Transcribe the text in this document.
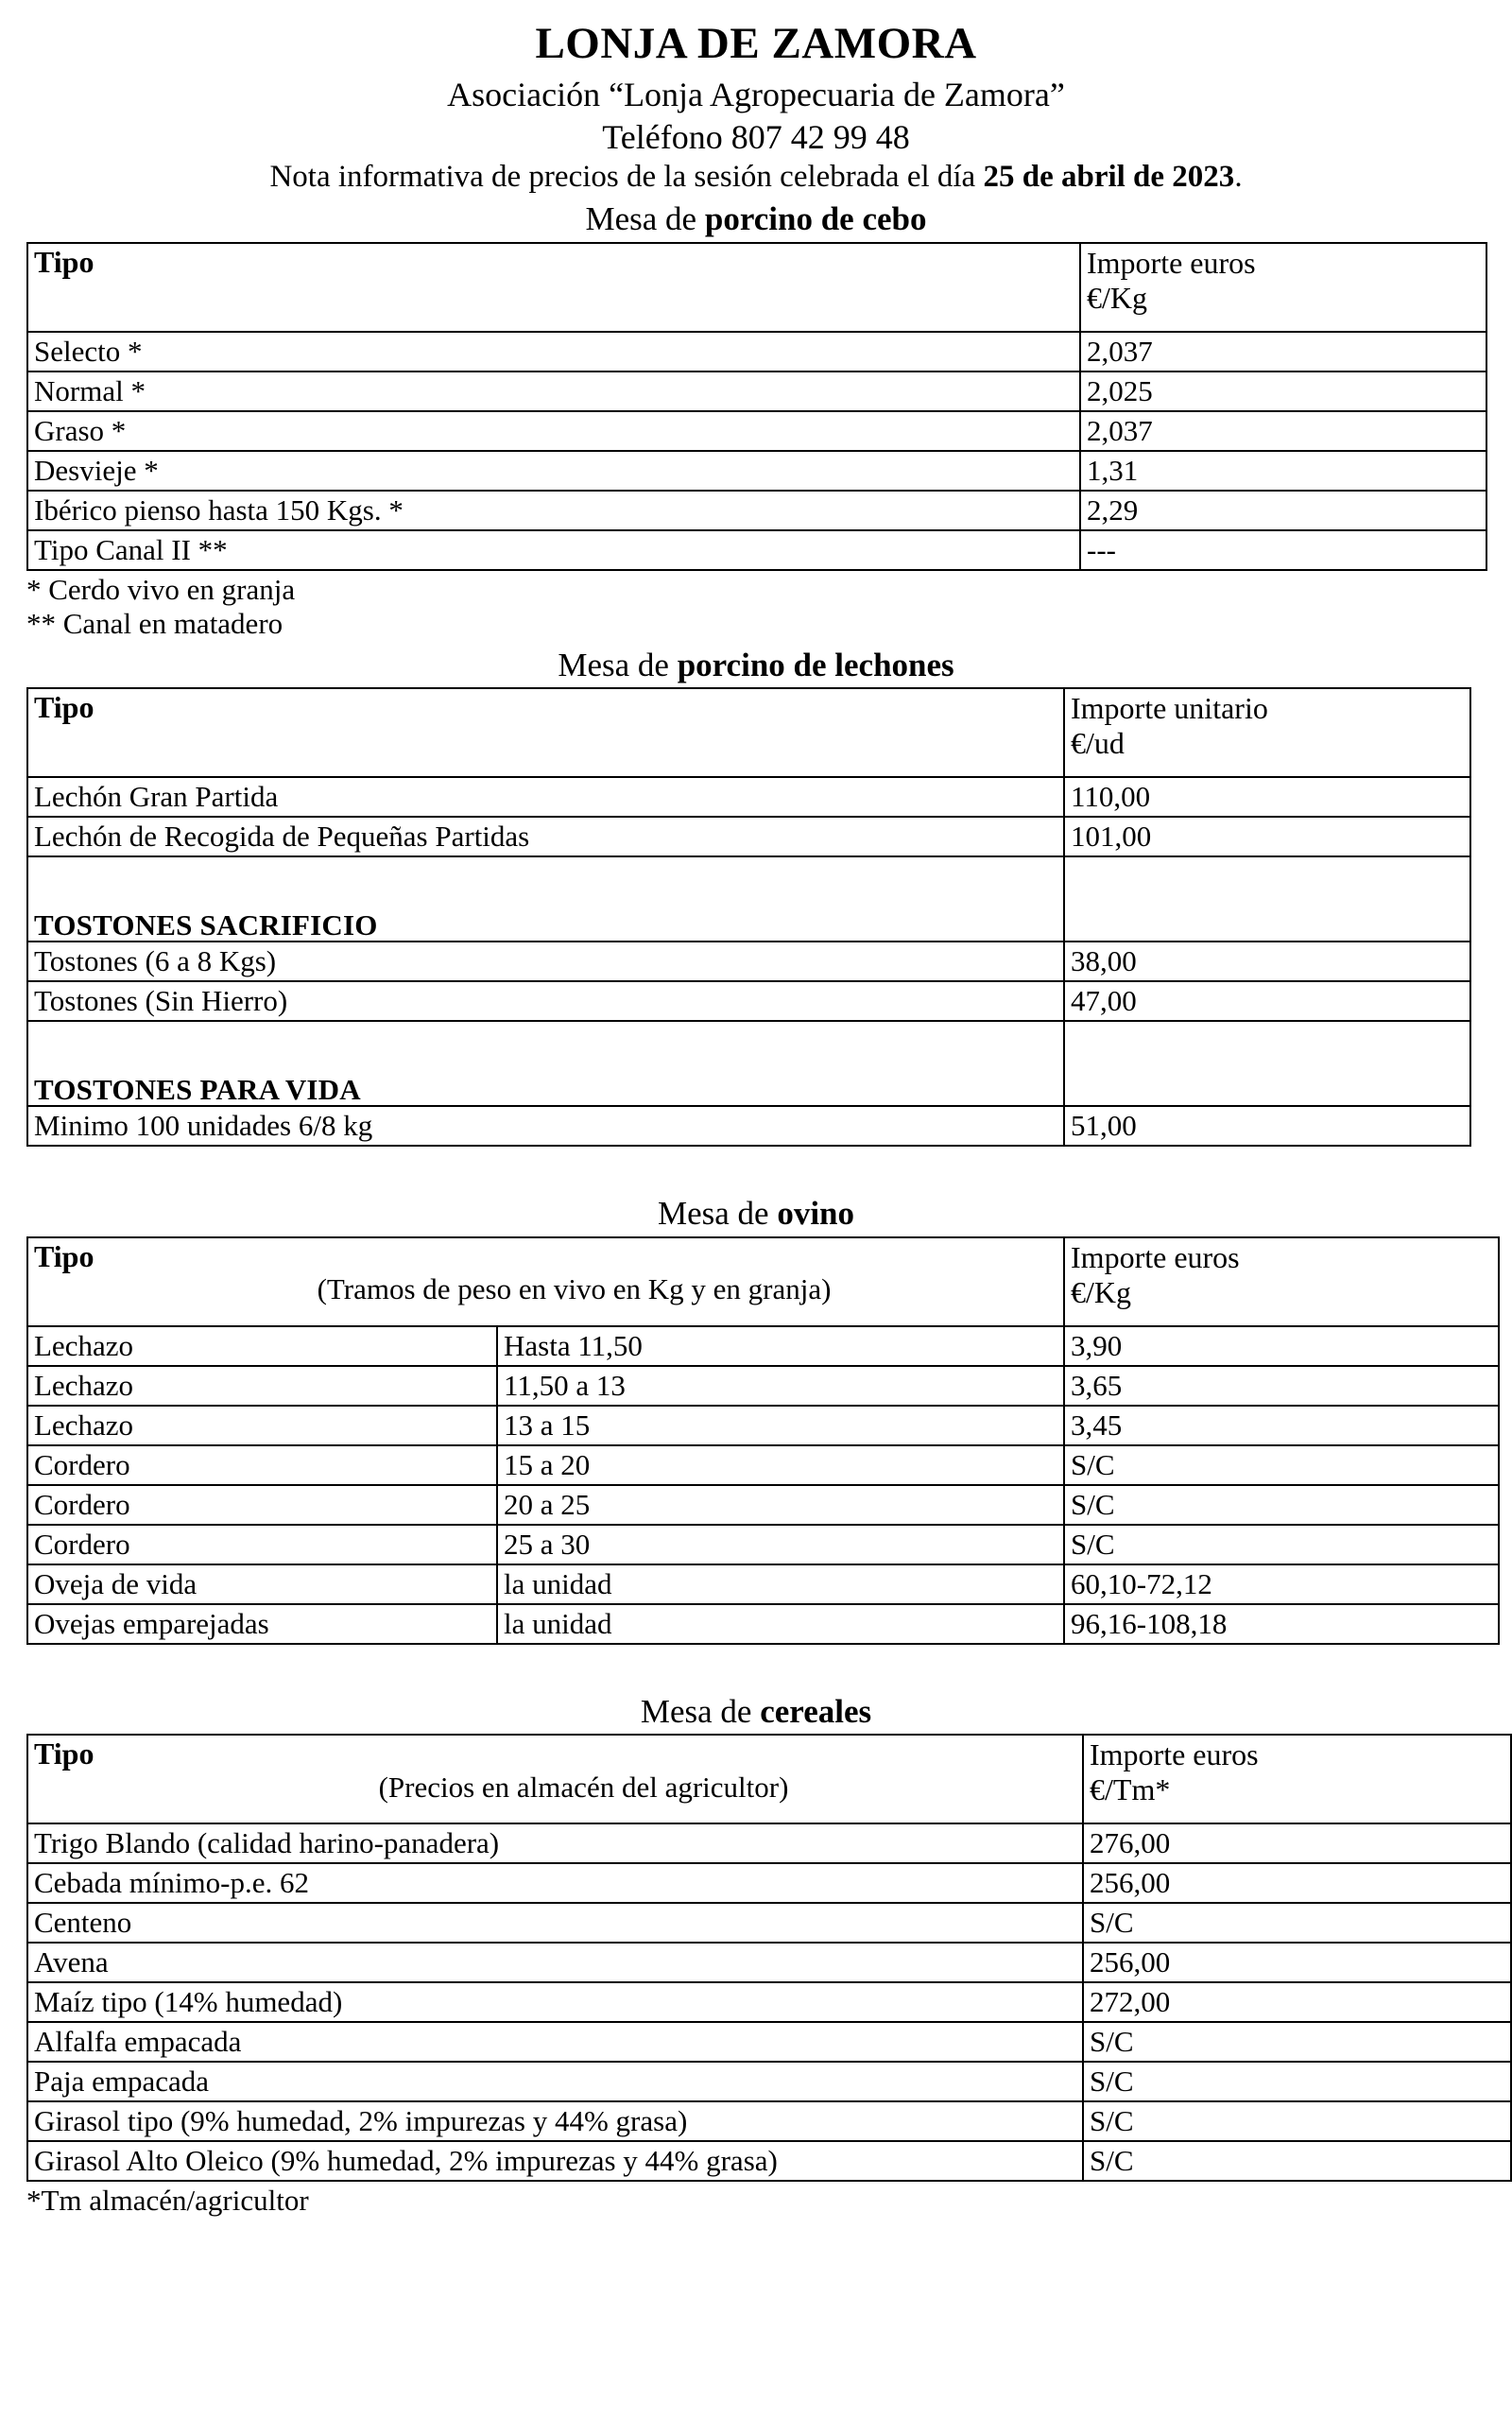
LONJA DE ZAMORA
Asociación “Lonja Agropecuaria de Zamora”
Teléfono 807 42 99 48
Nota informativa de precios de la sesión celebrada el día 25 de abril de 2023.
Mesa de porcino de cebo
Tipo	Importe euros
€/Kg
Selecto *	2,037
Normal *	2,025
Graso *	2,037
Desvieje *	1,31
Ibérico pienso hasta 150 Kgs. *	2,29
Tipo Canal II **	---
* Cerdo vivo en granja
** Canal en matadero
Mesa de porcino de lechones
Tipo	Importe unitario
€/ud
Lechón Gran Partida	110,00
Lechón de Recogida de Pequeñas Partidas	101,00
TOSTONES SACRIFICIO	
Tostones (6 a 8 Kgs)	38,00
Tostones (Sin Hierro)	47,00
TOSTONES PARA VIDA	
Minimo 100 unidades 6/8 kg	51,00
Mesa de ovino
Tipo
(Tramos de peso en vivo en Kg y en granja)		Importe euros
€/Kg
Lechazo	Hasta 11,50	3,90
Lechazo	11,50 a 13	3,65
Lechazo	13 a 15	3,45
Cordero	15 a 20	S/C
Cordero	20 a 25	S/C
Cordero	25 a 30	S/C
Oveja de vida	la unidad	60,10-72,12
Ovejas emparejadas	la unidad	96,16-108,18
Mesa de cereales
Tipo
(Precios en almacén del agricultor)	Importe euros
€/Tm*
Trigo Blando (calidad harino-panadera)	276,00
Cebada mínimo-p.e. 62	256,00
Centeno	S/C
Avena	256,00
Maíz tipo (14% humedad)	272,00
Alfalfa empacada	S/C
Paja empacada	S/C
Girasol tipo (9% humedad, 2% impurezas y 44% grasa)	S/C
Girasol Alto Oleico (9% humedad, 2% impurezas y 44% grasa)	S/C
*Tm almacén/agricultor
